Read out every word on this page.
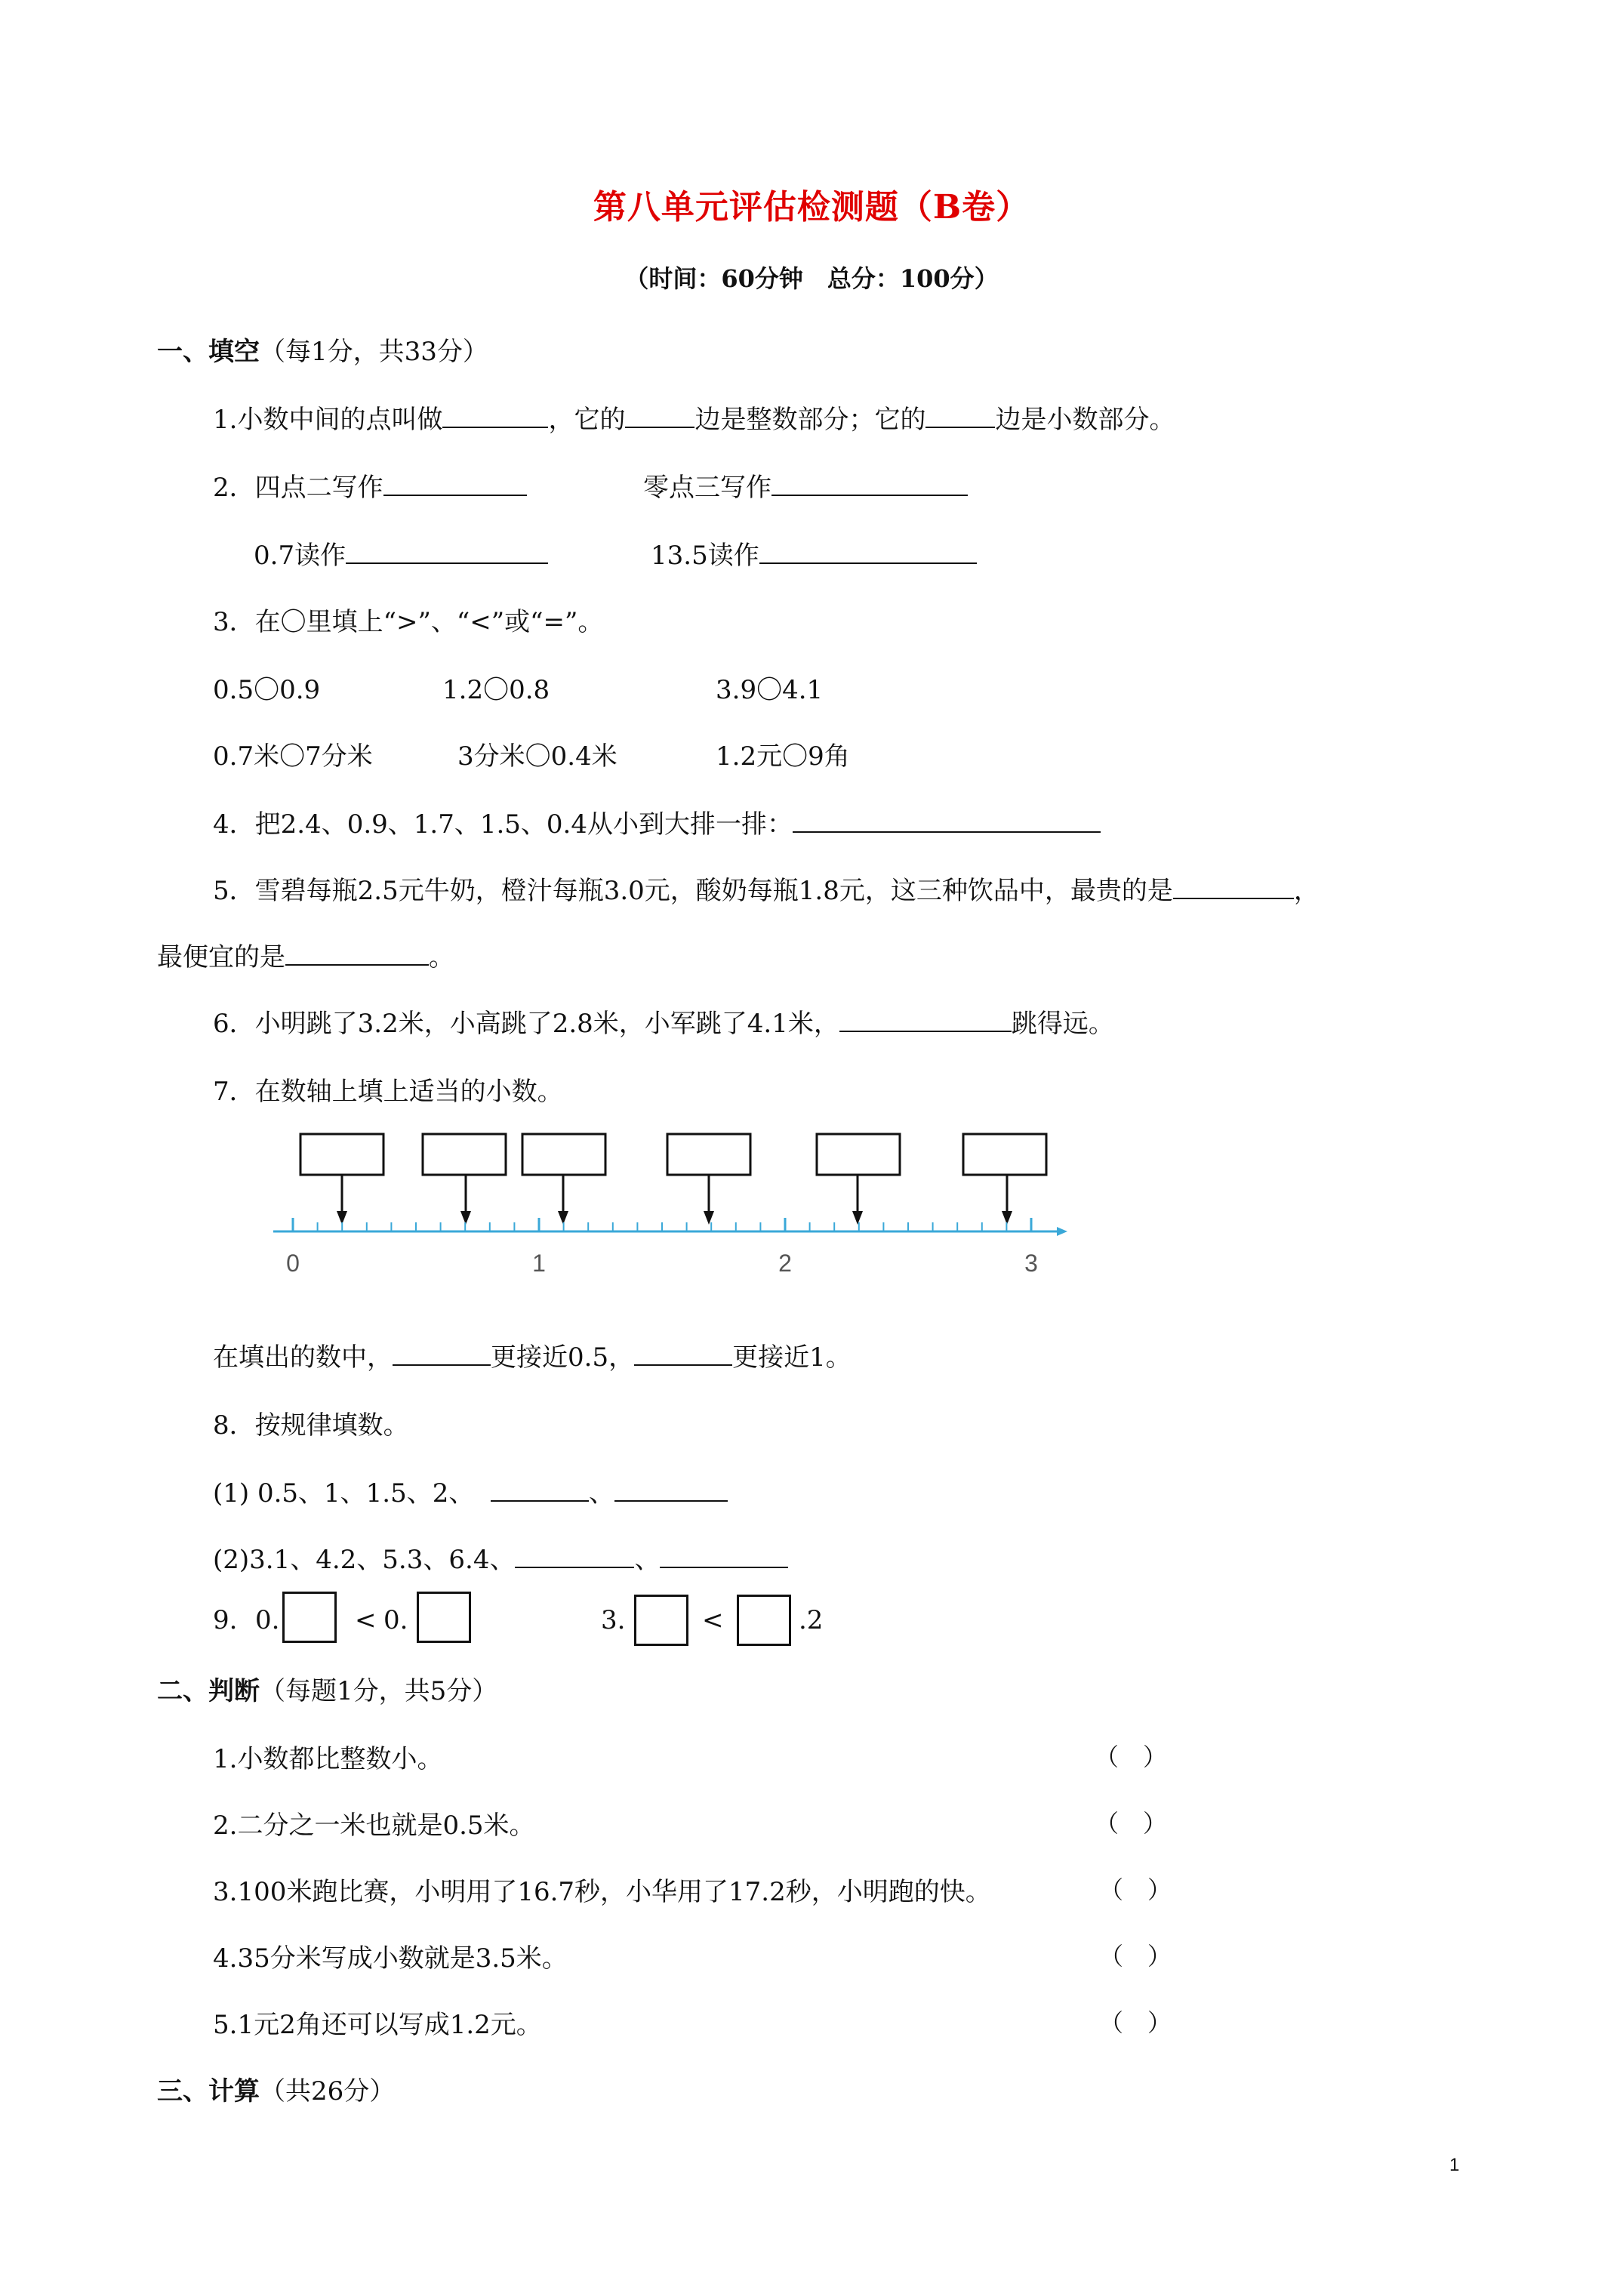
第八单元评估检测题（B卷）
（时间：60分钟　总分：100分）
一、填空（每1分，共33分）
1.小数中间的点叫做	，它的	边是整数部分；它的	边是小数部分。
2．四点二写作	零点三写作
0.7读作	13.5读作
3．在〇里填上“>”、“<”或“=”。
0.5〇0.9	1.2〇0.8	3.9〇4.1
0.7米〇7分米	3分米〇0.4米	1.2元〇9角
4．把2.4、0.9、1.7、1.5、0.4从小到大排一排：
5．雪碧每瓶2.5元牛奶，橙汁每瓶3.0元，酸奶每瓶1.8元，这三种饮品中，最贵的是	，
最便宜的是	。
6．小明跳了3.2米，小高跳了2.8米，小军跳了4.1米，	跳得远。
7．在数轴上填上适当的小数。
0	1	2	3
在填出的数中，	更接近0.5，	更接近1。
8．按规律填数。
(1) 0.5、1、1.5、2、	、
(2)3.1、4.2、5.3、6.4、	、
9. 0.	< 0.	3.	<	.2
二、判断（每题1分，共5分）
1.小数都比整数小。	（　）
2.二分之一米也就是0.5米。	（　）
3.100米跑比赛，小明用了16.7秒，小华用了17.2秒，小明跑的快。	（　）
4.35分米写成小数就是3.5米。	（　）
5.1元2角还可以写成1.2元。	（　）
三、计算（共26分）
1
